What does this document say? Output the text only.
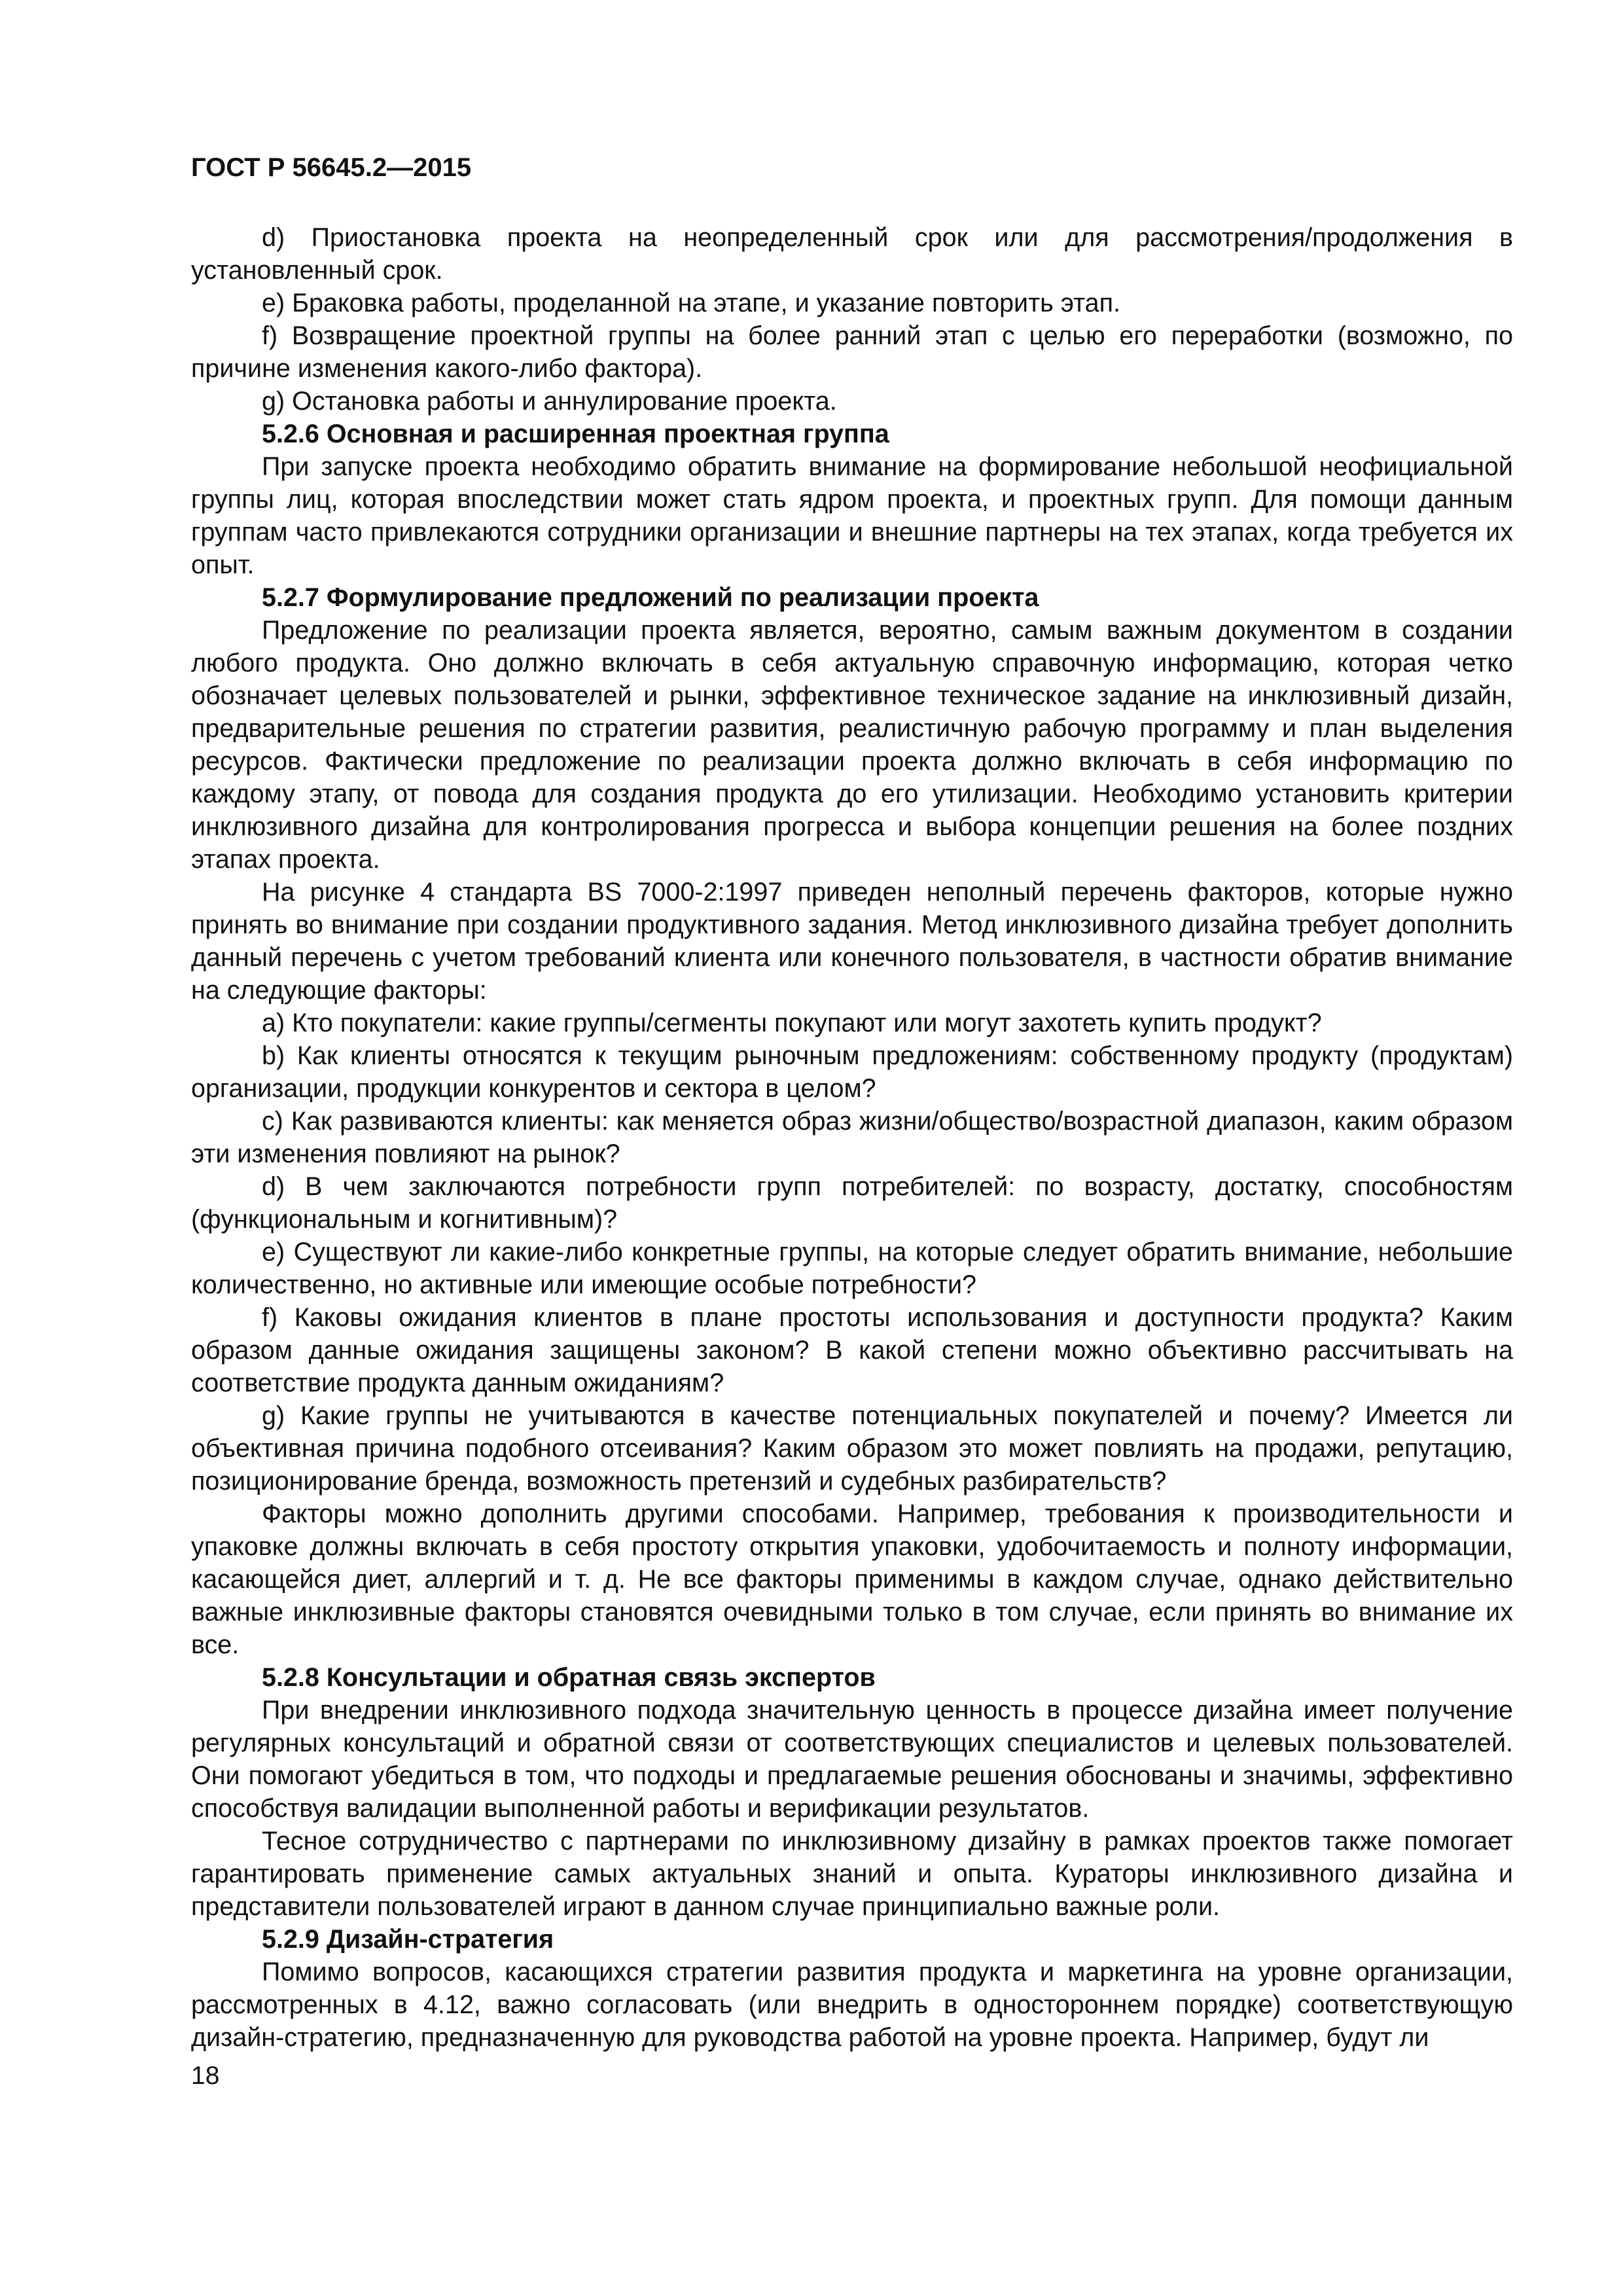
ГОСТ Р 56645.2—2015

d) Приостановка проекта на неопределенный срок или для рассмотрения/продолжения в установленный срок.

e) Браковка работы, проделанной на этапе, и указание повторить этап.

f) Возвращение проектной группы на более ранний этап с целью его переработки (возможно, по причине изменения какого-либо фактора).

g) Остановка работы и аннулирование проекта.

5.2.6 Основная и расширенная проектная группа

При запуске проекта необходимо обратить внимание на формирование небольшой неофициальной группы лиц, которая впоследствии может стать ядром проекта, и проектных групп. Для помощи данным группам часто привлекаются сотрудники организации и внешние партнеры на тех этапах, когда требуется их опыт.

5.2.7 Формулирование предложений по реализации проекта

Предложение по реализации проекта является, вероятно, самым важным документом в создании любого продукта. Оно должно включать в себя актуальную справочную информацию, которая четко обозначает целевых пользователей и рынки, эффективное техническое задание на инклюзивный дизайн, предварительные решения по стратегии развития, реалистичную рабочую программу и план выделения ресурсов. Фактически предложение по реализации проекта должно включать в себя информацию по каждому этапу, от повода для создания продукта до его утилизации. Необходимо установить критерии инклюзивного дизайна для контролирования прогресса и выбора концепции решения на более поздних этапах проекта.

На рисунке 4 стандарта BS 7000-2:1997 приведен неполный перечень факторов, которые нужно принять во внимание при создании продуктивного задания. Метод инклюзивного дизайна требует дополнить данный перечень с учетом требований клиента или конечного пользователя, в частности обратив внимание на следующие факторы:

a) Кто покупатели: какие группы/сегменты покупают или могут захотеть купить продукт?

b) Как клиенты относятся к текущим рыночным предложениям: собственному продукту (продуктам) организации, продукции конкурентов и сектора в целом?

c) Как развиваются клиенты: как меняется образ жизни/общество/возрастной диапазон, каким образом эти изменения повлияют на рынок?

d) В чем заключаются потребности групп потребителей: по возрасту, достатку, способностям (функциональным и когнитивным)?

e) Существуют ли какие-либо конкретные группы, на которые следует обратить внимание, небольшие количественно, но активные или имеющие особые потребности?

f) Каковы ожидания клиентов в плане простоты использования и доступности продукта? Каким образом данные ожидания защищены законом? В какой степени можно объективно рассчитывать на соответствие продукта данным ожиданиям?

g) Какие группы не учитываются в качестве потенциальных покупателей и почему? Имеется ли объективная причина подобного отсеивания? Каким образом это может повлиять на продажи, репутацию, позиционирование бренда, возможность претензий и судебных разбирательств?

Факторы можно дополнить другими способами. Например, требования к производительности и упаковке должны включать в себя простоту открытия упаковки, удобочитаемость и полноту информации, касающейся диет, аллергий и т. д. Не все факторы применимы в каждом случае, однако действительно важные инклюзивные факторы становятся очевидными только в том случае, если принять во внимание их все.

5.2.8 Консультации и обратная связь экспертов

При внедрении инклюзивного подхода значительную ценность в процессе дизайна имеет получение регулярных консультаций и обратной связи от соответствующих специалистов и целевых пользователей. Они помогают убедиться в том, что подходы и предлагаемые решения обоснованы и значимы, эффективно способствуя валидации выполненной работы и верификации результатов.

Тесное сотрудничество с партнерами по инклюзивному дизайну в рамках проектов также помогает гарантировать применение самых актуальных знаний и опыта. Кураторы инклюзивного дизайна и представители пользователей играют в данном случае принципиально важные роли.

5.2.9 Дизайн-стратегия

Помимо вопросов, касающихся стратегии развития продукта и маркетинга на уровне организации, рассмотренных в 4.12, важно согласовать (или внедрить в одностороннем порядке) соответствующую дизайн-стратегию, предназначенную для руководства работой на уровне проекта. Например, будут ли

18
